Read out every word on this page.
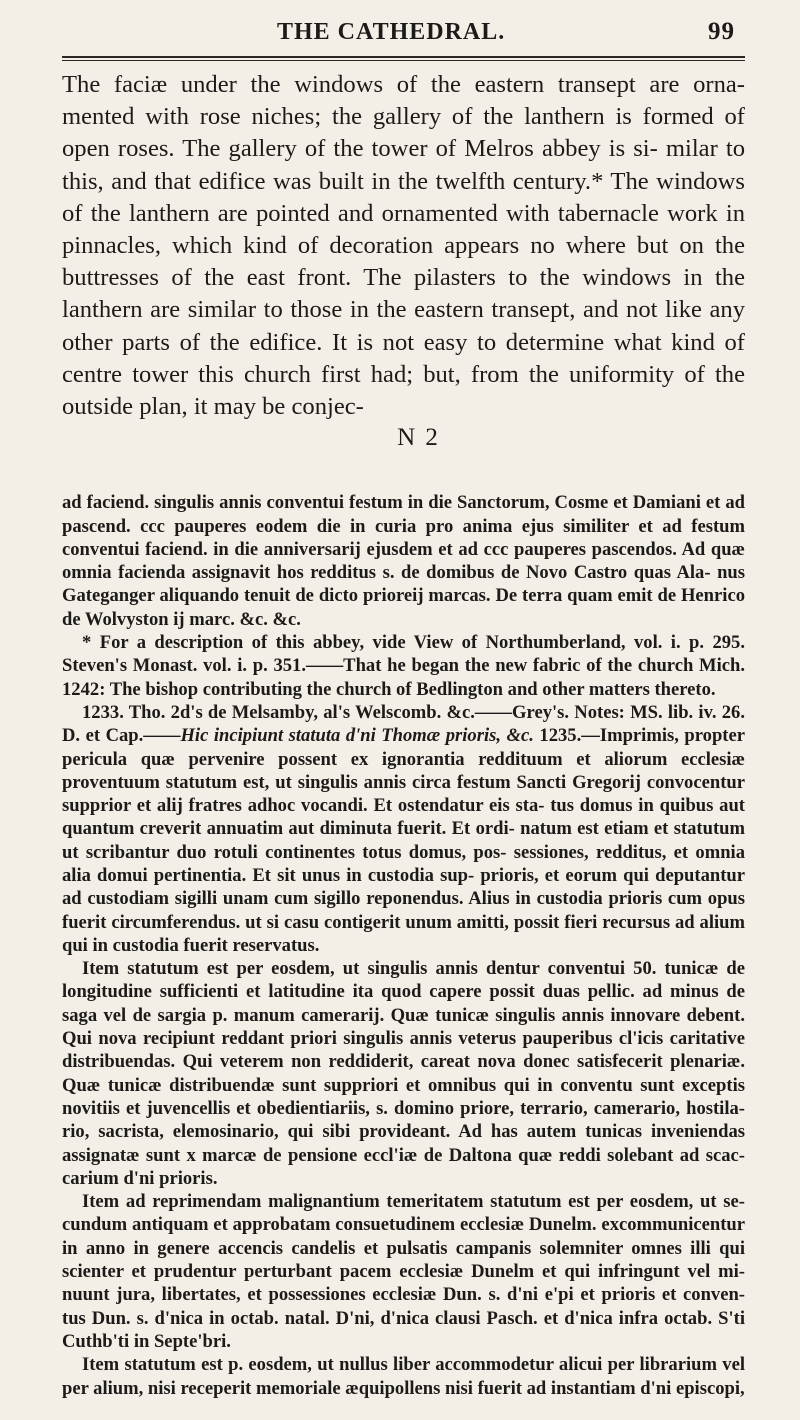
THE CATHEDRAL.	99

The faciæ under the windows of the eastern transept are orna- mented with rose niches; the gallery of the lanthern is formed of open roses. The gallery of the tower of Melros abbey is si- milar to this, and that edifice was built in the twelfth century.* The windows of the lanthern are pointed and ornamented with tabernacle work in pinnacles, which kind of decoration appears no where but on the buttresses of the east front. The pilasters to the windows in the lanthern are similar to those in the eastern transept, and not like any other parts of the edifice. It is not easy to determine what kind of centre tower this church first had; but, from the uniformity of the outside plan, it may be conjec-

N 2

ad faciend. singulis annis conventui festum in die Sanctorum, Cosme et Damiani et ad pascend. ccc pauperes eodem die in curia pro anima ejus similiter et ad festum conventui faciend. in die anniversarij ejusdem et ad ccc pauperes pascendos. Ad quæ omnia facienda assignavit hos redditus s. de domibus de Novo Castro quas Ala- nus Gateganger aliquando tenuit de dicto prioreij marcas. De terra quam emit de Henrico de Wolvyston ij marc. &c. &c.

* For a description of this abbey, vide View of Northumberland, vol. i. p. 295. Steven's Monast. vol. i. p. 351.——That he began the new fabric of the church Mich. 1242: The bishop contributing the church of Bedlington and other matters thereto.

1233. Tho. 2d's de Melsamby, al's Welscomb. &c.——Grey's. Notes: MS. lib. iv. 26. D. et Cap.——Hic incipiunt statuta d'ni Thomæ prioris, &c. 1235.—Imprimis, propter pericula quæ pervenire possent ex ignorantia reddituum et aliorum ecclesiæ proventuum statutum est, ut singulis annis circa festum Sancti Gregorij convocentur supprior et alij fratres adhoc vocandi. Et ostendatur eis sta- tus domus in quibus aut quantum creverit annuatim aut diminuta fuerit. Et ordi- natum est etiam et statutum ut scribantur duo rotuli continentes totus domus, pos- sessiones, redditus, et omnia alia domui pertinentia. Et sit unus in custodia sup- prioris, et eorum qui deputantur ad custodiam sigilli unam cum sigillo reponendus. Alius in custodia prioris cum opus fuerit circumferendus. ut si casu contigerit unum amitti, possit fieri recursus ad alium qui in custodia fuerit reservatus.

Item statutum est per eosdem, ut singulis annis dentur conventui 50. tunicæ de longitudine sufficienti et latitudine ita quod capere possit duas pellic. ad minus de saga vel de sargia p. manum camerarij. Quæ tunicæ singulis annis innovare debent. Qui nova recipiunt reddant priori singulis annis veterus pauperibus cl'icis caritative distribuendas. Qui veterem non reddiderit, careat nova donec satisfecerit plenariæ. Quæ tunicæ distribuendæ sunt suppriori et omnibus qui in conventu sunt exceptis novitiis et juvencellis et obedientiariis, s. domino priore, terrario, camerario, hostila- rio, sacrista, elemosinario, qui sibi provideant. Ad has autem tunicas inveniendas assignatæ sunt x marcæ de pensione eccl'iæ de Daltona quæ reddi solebant ad scac- carium d'ni prioris.

Item ad reprimendam malignantium temeritatem statutum est per eosdem, ut se- cundum antiquam et approbatam consuetudinem ecclesiæ Dunelm. excommunicentur in anno in genere accencis candelis et pulsatis campanis solemniter omnes illi qui scienter et prudentur perturbant pacem ecclesiæ Dunelm et qui infringunt vel mi- nuunt jura, libertates, et possessiones ecclesiæ Dun. s. d'ni e'pi et prioris et conven- tus Dun. s. d'nica in octab. natal. D'ni, d'nica clausi Pasch. et d'nica infra octab. S'ti Cuthb'ti in Septe'bri.

Item statutum est p. eosdem, ut nullus liber accommodetur alicui per librarium vel per alium, nisi receperit memoriale æquipollens nisi fuerit ad instantiam d'ni episcopi,
